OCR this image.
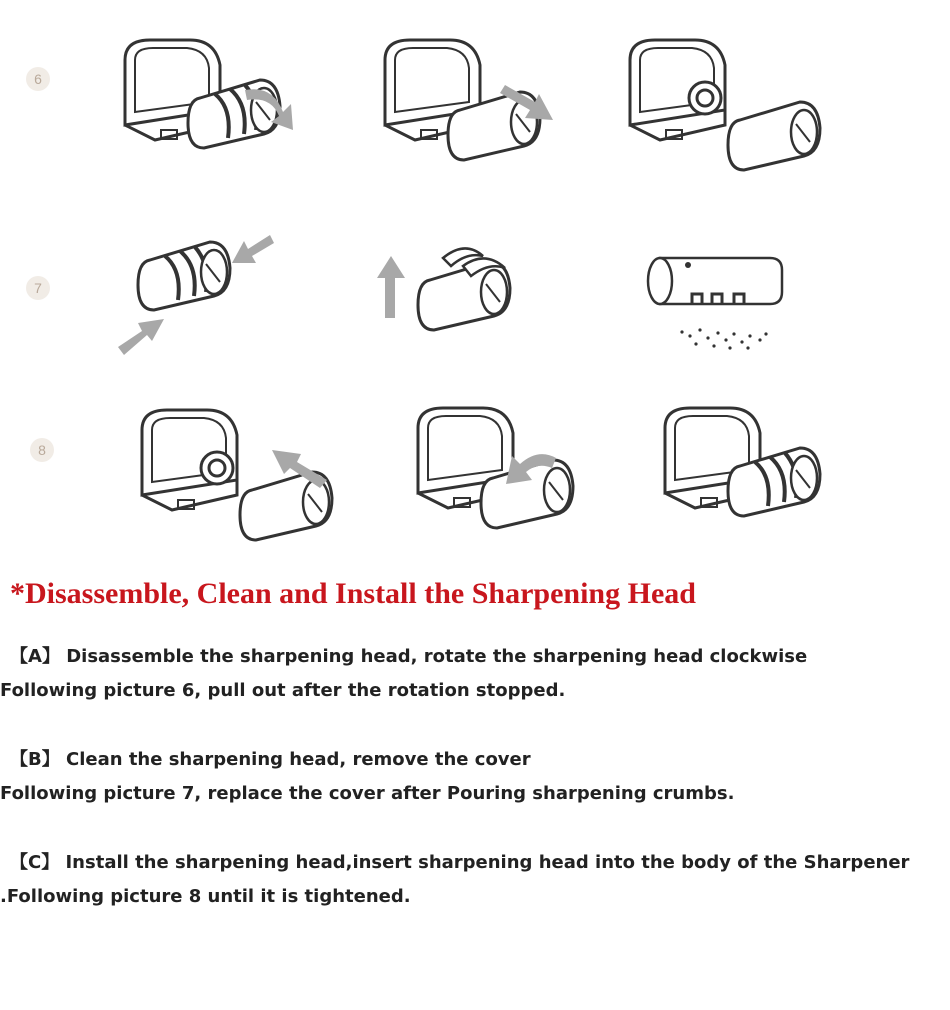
6
7
8
*Disassemble, Clean and Install the Sharpening Head

【A】 Disassemble the sharpening head, rotate the sharpening head clockwise

Following picture 6, pull out after the rotation stopped.

【B】 Clean the sharpening head, remove the cover

Following picture 7, replace the cover after Pouring sharpening crumbs.

【C】 Install the sharpening head,insert sharpening head into the body of the Sharpener

.Following picture 8 until it is tightened.
